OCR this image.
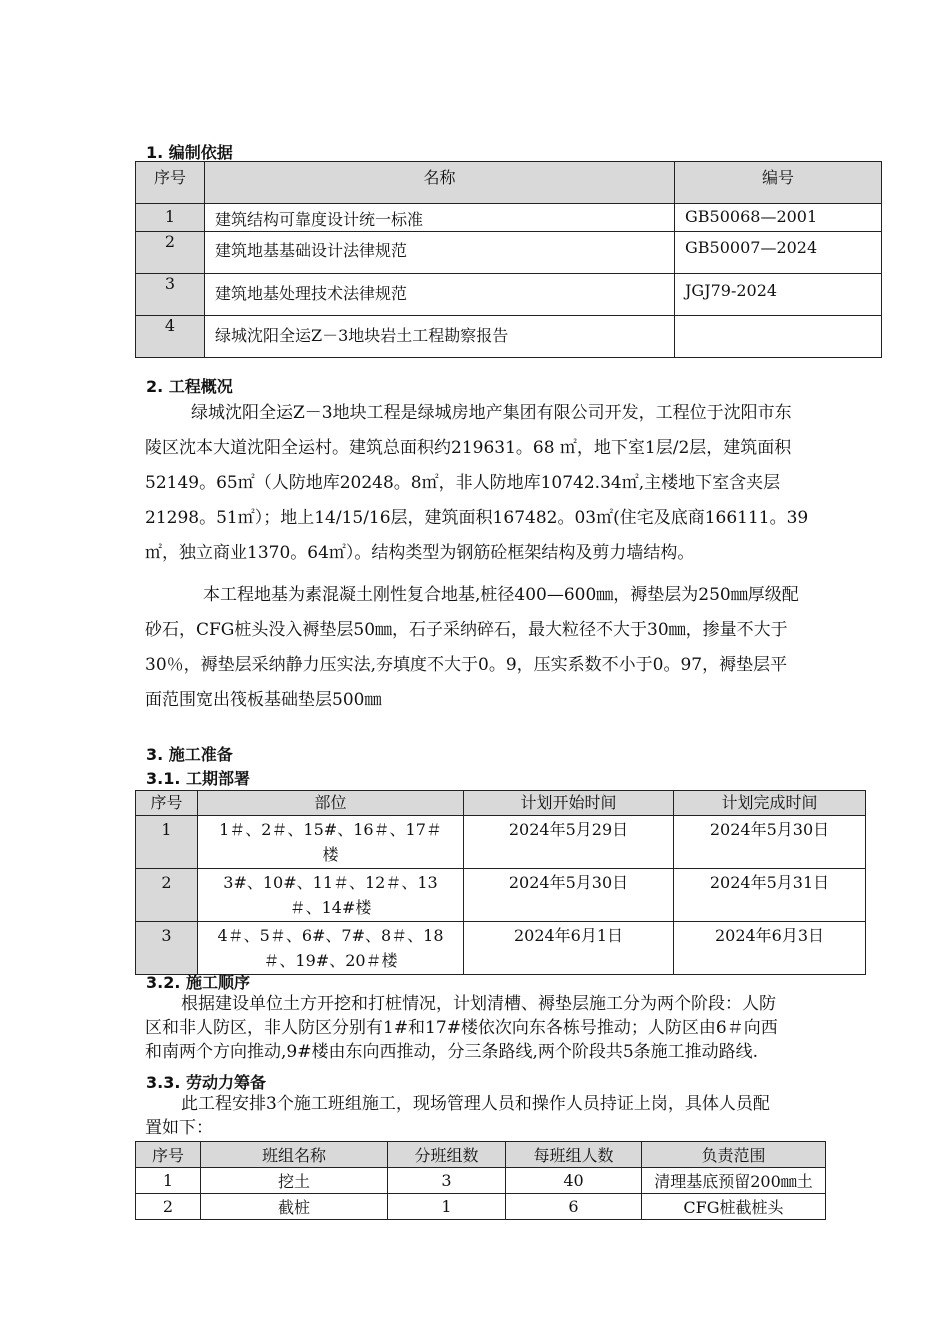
1. 编制依据
序号	名称	编号
1	建筑结构可靠度设计统一标准	GB50068—2001
2	建筑地基基础设计法律规范	GB50007—2024
3	建筑地基处理技术法律规范	JGJ79-2024
4	绿城沈阳全运Z－3地块岩土工程勘察报告	
2. 工程概况
绿城沈阳全运Z－3地块工程是绿城房地产集团有限公司开发，工程位于沈阳市东
陵区沈本大道沈阳全运村。建筑总面积约219631。68 ㎡，地下室1层/2层，建筑面积
52149。65㎡（人防地库20248。8㎡，非人防地库10742.34㎡,主楼地下室含夹层
21298。51㎡）；地上14/15/16层，建筑面积167482。03㎡(住宅及底商166111。39
㎡，独立商业1370。64㎡）。结构类型为钢筋砼框架结构及剪力墙结构。
本工程地基为素混凝土刚性复合地基,桩径400—600㎜，褥垫层为250㎜厚级配
砂石，CFG桩头没入褥垫层50㎜，石子采纳碎石，最大粒径不大于30㎜，掺量不大于
30％，褥垫层采纳静力压实法,夯填度不大于0。9，压实系数不小于0。97，褥垫层平
面范围宽出筏板基础垫层500㎜
3. 施工准备
3.1. 工期部署
序号	部位	计划开始时间	计划完成时间
1	1＃、2＃、15#、16＃、17＃
楼	2024年5月29日	2024年5月30日
2	3#、10#、11＃、12＃、13
＃、14#楼	2024年5月30日	2024年5月31日
3	4＃、5＃、6#、7#、8＃、18
＃、19#、20＃楼	2024年6月1日	2024年6月3日
3.2. 施工顺序
根据建设单位土方开挖和打桩情况，计划清槽、褥垫层施工分为两个阶段：人防
区和非人防区，非人防区分别有1#和17#楼依次向东各栋号推动；人防区由6＃向西
和南两个方向推动,9#楼由东向西推动，分三条路线,两个阶段共5条施工推动路线.
3.3. 劳动力筹备
此工程安排3个施工班组施工，现场管理人员和操作人员持证上岗，具体人员配
置如下：
序号	班组名称	分班组数	每班组人数	负责范围
1	挖土	3	40	清理基底预留200㎜土
2	截桩	1	6	CFG桩截桩头
